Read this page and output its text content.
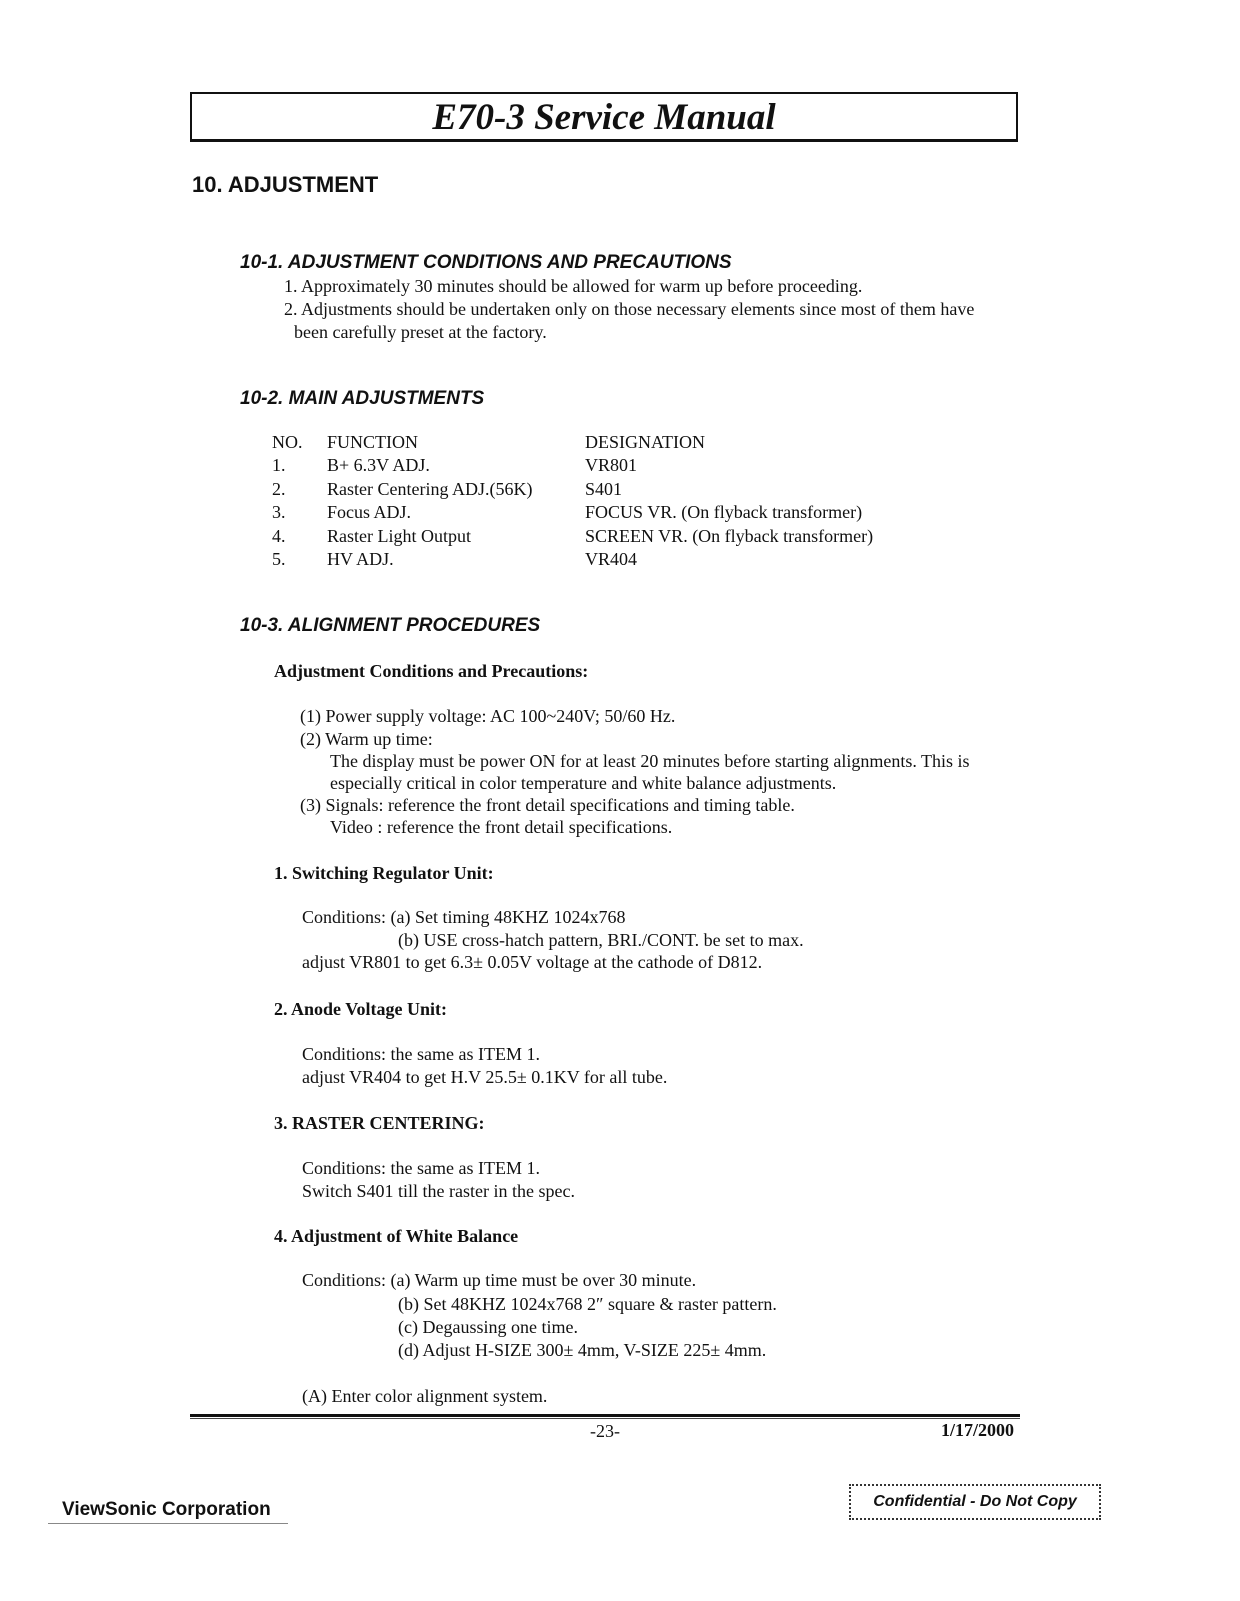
E70-3 Service Manual
10. ADJUSTMENT
10-1. ADJUSTMENT CONDITIONS AND PRECAUTIONS
1. Approximately 30 minutes should be allowed for warm up before proceeding.
2. Adjustments should be undertaken only on those necessary elements since most of them have
been carefully preset at the factory.
10-2. MAIN ADJUSTMENTS
NO.	FUNCTION	DESIGNATION
1.	B+ 6.3V ADJ.	VR801
2.	Raster Centering ADJ.(56K)	S401
3.	Focus ADJ.	FOCUS VR. (On flyback transformer)
4.	Raster Light Output	SCREEN VR. (On flyback transformer)
5.	HV ADJ.	VR404
10-3. ALIGNMENT PROCEDURES
Adjustment Conditions and Precautions:
(1) Power supply voltage: AC 100~240V; 50/60 Hz.
(2) Warm up time:
The display must be power ON for at least 20 minutes before starting alignments. This is
especially critical in color temperature and white balance adjustments.
(3) Signals: reference the front detail specifications and timing table.
Video : reference the front detail specifications.
1. Switching Regulator Unit:
Conditions: (a) Set timing 48KHZ 1024x768
(b) USE cross-hatch pattern, BRI./CONT. be set to max.
adjust VR801 to get 6.3± 0.05V voltage at the cathode of D812.
2. Anode Voltage Unit:
Conditions: the same as ITEM 1.
adjust VR404 to get H.V 25.5± 0.1KV for all tube.
3. RASTER CENTERING:
Conditions: the same as ITEM 1.
Switch S401 till the raster in the spec.
4. Adjustment of White Balance
Conditions: (a) Warm up time must be over 30 minute.
(b) Set 48KHZ 1024x768 2″ square & raster pattern.
(c) Degaussing one time.
(d) Adjust H-SIZE 300± 4mm, V-SIZE 225± 4mm.
(A) Enter color alignment system.
-23-	1/17/2000
ViewSonic Corporation	Confidential - Do Not Copy
